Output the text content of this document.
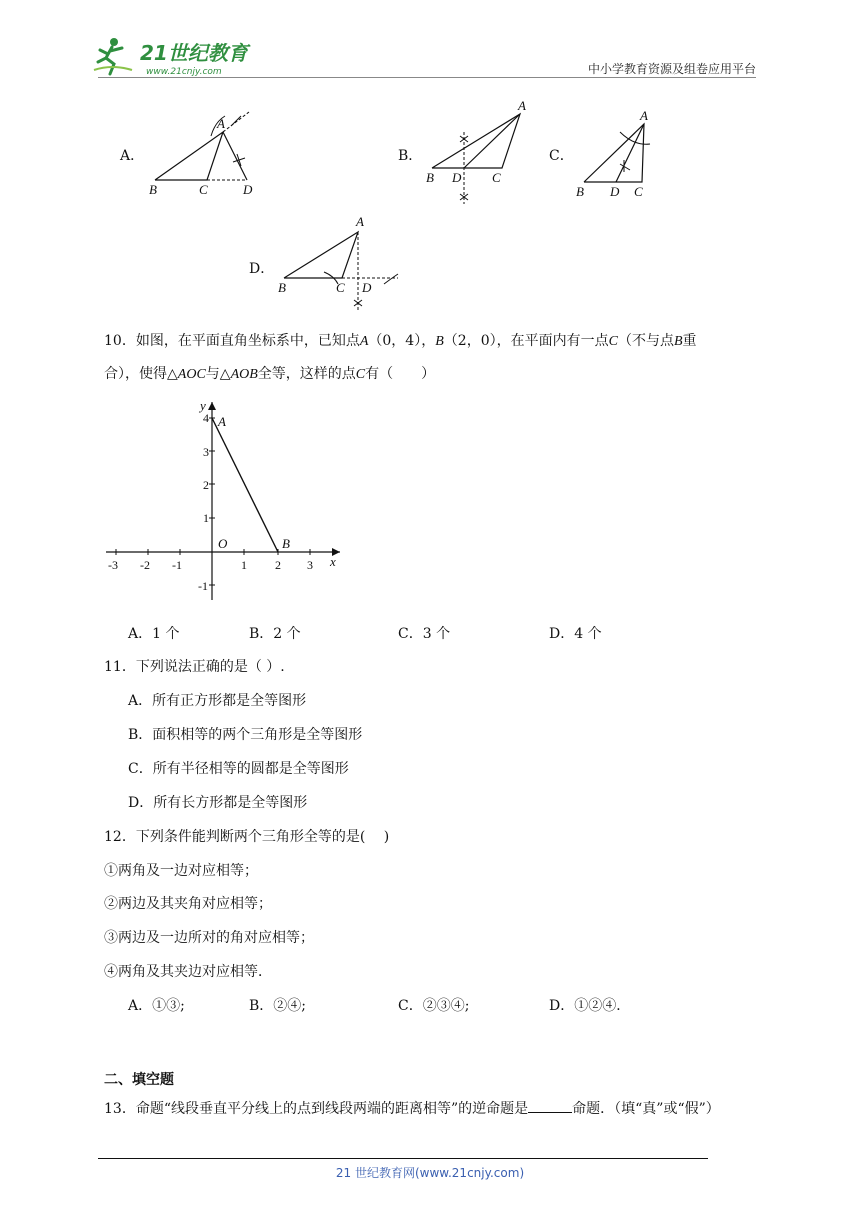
21世纪教育
www.21cnjy.com	中小学教育资源及组卷应用平台
A．
A
B	C	D
B．
A
B D C
C．
A
B D C
D．
A
B	C D
10．如图，在平面直角坐标系中，已知点A（0，4），B（2，0），在平面内有一点C（不与点B重
合），使得△AOC与△AOB全等，这样的点C有（　　）
-3 -2 -1	1 2 3
4
3
2
1
-1
A
B
O
x
y
A．1 个	B．2 个	C．3 个	D．4 个
11．下列说法正确的是（ ）.
A．所有正方形都是全等图形
B．面积相等的两个三角形是全等图形
C．所有半径相等的圆都是全等图形
D．所有长方形都是全等图形
12．下列条件能判断两个三角形全等的是(　 )
①两角及一边对应相等；
②两边及其夹角对应相等；
③两边及一边所对的角对应相等；
④两角及其夹边对应相等．
A．①③;	B．②④;	C．②③④;	D．①②④．
二、填空题
13．命题“线段垂直平分线上的点到线段两端的距离相等”的逆命题是	命题．（填“真”或“假”）
21 世纪教育网(www.21cnjy.com)
